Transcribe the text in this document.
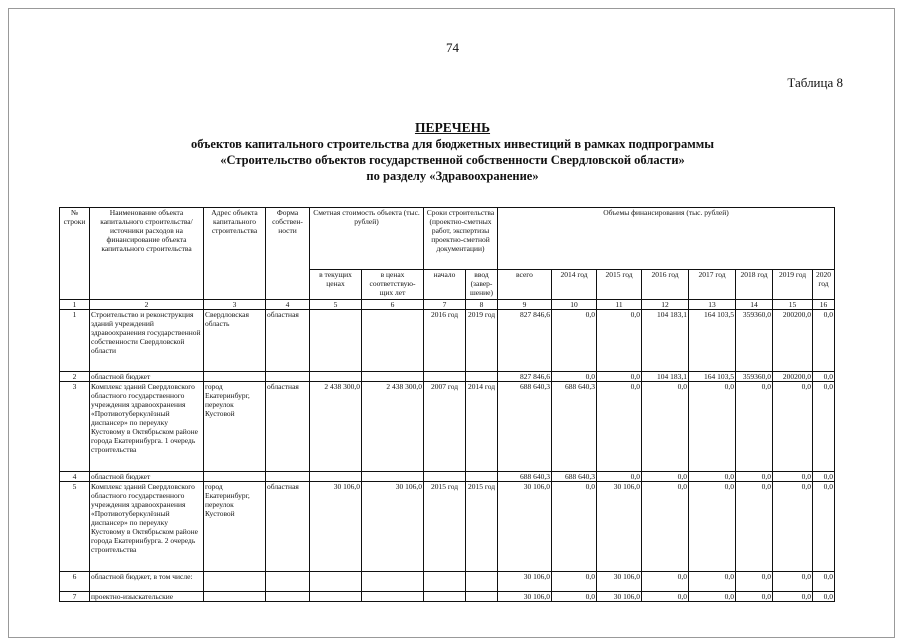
74
Таблица 8
ПЕРЕЧЕНЬ
объектов капитального строительства для бюджетных инвестиций в рамках подпрограммы
«Строительство объектов государственной собственности Свердловской области»
по разделу «Здравоохранение»
№ строки	Наименование объекта капитального строительства/ источники расходов на финансирование объекта капитального строительства	Адрес объекта капитального строительства	Форма собствен-ности	Сметная стоимость объекта (тыс. рублей)		Сроки строительства (проектно-сметных работ, экспертизы проектно-сметной документации)		Объемы финансирования (тыс. рублей)							
				в текущих ценах	в ценах соответствую-щих лет	начало	ввод (завер-шение)	всего	2014 год	2015 год	2016 год	2017 год	2018 год	2019 год	2020 год
1	2	3	4	5	6	7	8	9	10	11	12	13	14	15	16
1	Строительство и реконструкция зданий учреждений здравоохранения государственной собственности Свердловской области	Свердловская область	областная			2016 год	2019 год	827 846,6	0,0	0,0	104 183,1	164 103,5	359360,0	200200,0	0,0
2	областной бюджет							827 846,6	0,0	0,0	104 183,1	164 103,5	359360,0	200200,0	0,0
3	Комплекс зданий Свердловского областного государственного учреждения здравоохранения «Противотуберкулёзный диспансер» по переулку Кустовому в Октябрьском районе города Екатеринбурга. 1 очередь строительства	город Екатеринбург, переулок Кустовой	областная	2 438 300,0	2 438 300,0	2007 год	2014 год	688 640,3	688 640,3	0,0	0,0	0,0	0,0	0,0	0,0
4	областной бюджет							688 640,3	688 640,3	0,0	0,0	0,0	0,0	0,0	0,0
5	Комплекс зданий Свердловского областного государственного учреждения здравоохранения «Противотуберкулёзный диспансер» по переулку Кустовому в Октябрьском районе города Екатеринбурга. 2 очередь строительства	город Екатеринбург, переулок Кустовой	областная	30 106,0	30 106,0	2015 год	2015 год	30 106,0	0,0	30 106,0	0,0	0,0	0,0	0,0	0,0
6	областной бюджет, в том числе:							30 106,0	0,0	30 106,0	0,0	0,0	0,0	0,0	0,0
7	проектно-изыскательские							30 106,0	0,0	30 106,0	0,0	0,0	0,0	0,0	0,0
